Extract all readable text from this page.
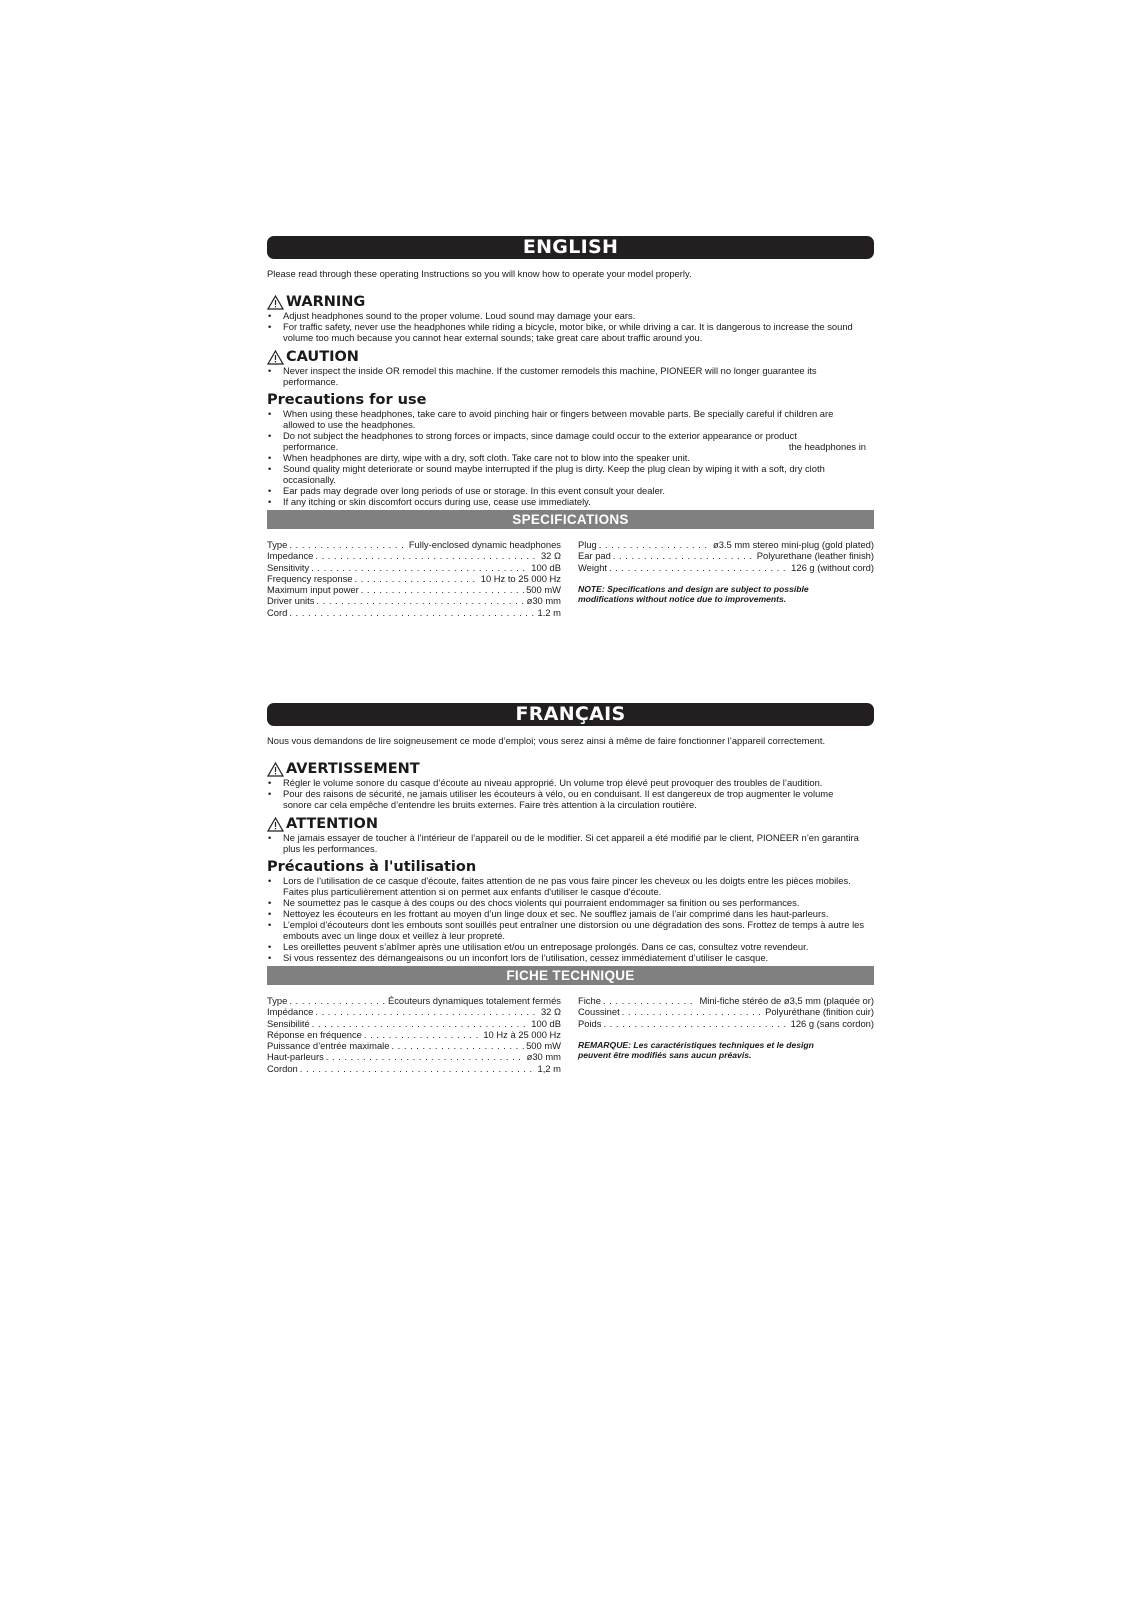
ENGLISH
Please read through these operating Instructions so you will know how to operate your model properly.
WARNING
• Adjust headphones sound to the proper volume. Loud sound may damage your ears.
• For traffic safety, never use the headphones while riding a bicycle, motor bike, or while driving a car. It is dangerous to increase the sound volume too much because you cannot hear external sounds; take great care about traffic around you.
CAUTION
• Never inspect the inside OR remodel this machine. If the customer remodels this machine, PIONEER will no longer guarantee its performance.
Precautions for use
• When using these headphones, take care to avoid pinching hair or fingers between movable parts. Be specially careful if children are allowed to use the headphones.
• Do not subject the headphones to strong forces or impacts, since damage could occur to the exterior appearance or product performance.
• When headphones are dirty, wipe with a dry, soft cloth. Take care not to blow into the speaker unit.
• Sound quality might deteriorate or sound maybe interrupted if the plug is dirty. Keep the plug clean by wiping it with a soft, dry cloth occasionally.
• Ear pads may degrade over long periods of use or storage. In this event consult your dealer.
• If any itching or skin discomfort occurs during use, cease use immediately.
the headphones in
SPECIFICATIONS
Type . . .	Fully-enclosed dynamic headphones
Impedance . . .	32 Ω
Sensitivity . . .	100 dB
Frequency response . . .	10 Hz to 25 000 Hz
Maximum input power . . .	500 mW
Driver units . . .	ø30 mm
Cord . . .	1.2 m
Plug . . .	ø3.5 mm stereo mini-plug (gold plated)
Ear pad . . .	Polyurethane (leather finish)
Weight . . .	126 g (without cord)
NOTE: Specifications and design are subject to possible modifications without notice due to improvements.
FRANÇAIS
Nous vous demandons de lire soigneusement ce mode d’emploi; vous serez ainsi à même de faire fonctionner l’appareil correctement.
AVERTISSEMENT
• Régler le volume sonore du casque d’écoute au niveau approprié. Un volume trop élevé peut provoquer des troubles de l’audition.
• Pour des raisons de sécurité, ne jamais utiliser les écouteurs à vélo, ou en conduisant. Il est dangereux de trop augmenter le volume sonore car cela empêche d’entendre les bruits externes. Faire très attention à la circulation routière.
ATTENTION
• Ne jamais essayer de toucher à l’intérieur de l’appareil ou de le modifier. Si cet appareil a été modifié par le client, PIONEER n’en garantira plus les performances.
Précautions à l'utilisation
• Lors de l’utilisation de ce casque d'écoute, faites attention de ne pas vous faire pincer les cheveux ou les doigts entre les pièces mobiles. Faites plus particulièrement attention si on permet aux enfants d'utiliser le casque d'écoute.
• Ne soumettez pas le casque à des coups ou des chocs violents qui pourraient endommager sa finition ou ses performances.
• Nettoyez les écouteurs en les frottant au moyen d’un linge doux et sec. Ne soufflez jamais de l’air comprimé dans les haut-parleurs.
• L’emploi d’écouteurs dont les embouts sont souillés peut entraîner une distorsion ou une dégradation des sons. Frottez de temps à autre les embouts avec un linge doux et veillez à leur propreté.
• Les oreillettes peuvent s’abîmer après une utilisation et/ou un entreposage prolongés. Dans ce cas, consultez votre revendeur.
• Si vous ressentez des démangeaisons ou un inconfort lors de l’utilisation, cessez immédiatement d’utiliser le casque.
FICHE TECHNIQUE
Type . . .	Écouteurs dynamiques totalement fermés
Impédance . . .	32 Ω
Sensibilité . . .	100 dB
Réponse en fréquence . . .	10 Hz à 25 000 Hz
Puissance d’entrée maximale . . .	500 mW
Haut-parleurs . . .	ø30 mm
Cordon . . .	1,2 m
Fiche . . .	Mini-fiche stéréo de ø3,5 mm (plaquée or)
Coussinet . . .	Polyuréthane (finition cuir)
Poids . . .	126 g (sans cordon)
REMARQUE: Les caractéristiques techniques et le design peuvent être modifiés sans aucun préavis.
